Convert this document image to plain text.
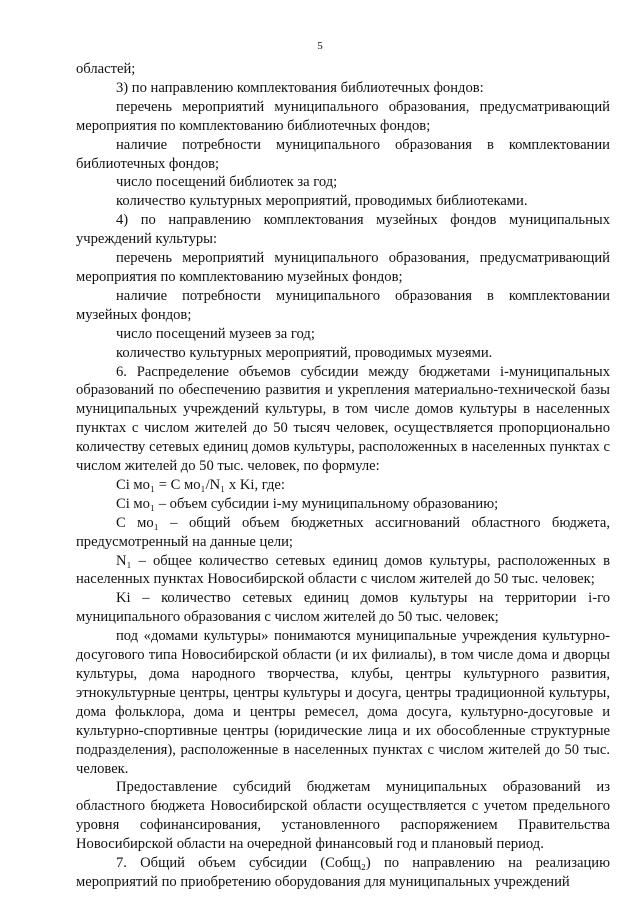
5

областей;

3) по направлению комплектования библиотечных фондов:

перечень мероприятий муниципального образования, предусматривающий мероприятия по комплектованию библиотечных фондов;

наличие потребности муниципального образования в комплектовании библиотечных фондов;

число посещений библиотек за год;

количество культурных мероприятий, проводимых библиотеками.

4) по направлению комплектования музейных фондов муниципальных учреждений культуры:

перечень мероприятий муниципального образования, предусматривающий мероприятия по комплектованию музейных фондов;

наличие потребности муниципального образования в комплектовании музейных фондов;

число посещений музеев за год;

количество культурных мероприятий, проводимых музеями.

6. Распределение объемов субсидии между бюджетами i-муниципальных образований по обеспечению развития и укрепления материально-технической базы муниципальных учреждений культуры, в том числе домов культуры в населенных пунктах с числом жителей до 50 тысяч человек, осуществляется пропорционально количеству сетевых единиц домов культуры, расположенных в населенных пунктах с числом жителей до 50 тыс. человек, по формуле:

Ci мо₁ = C мо₁/N₁ x Ki, где:

Ci мо₁ – объем субсидии i-му муниципальному образованию;

C мо₁ – общий объем бюджетных ассигнований областного бюджета, предусмотренный на данные цели;

N₁ – общее количество сетевых единиц домов культуры, расположенных в населенных пунктах Новосибирской области с числом жителей до 50 тыс. человек;

Ki – количество сетевых единиц домов культуры на территории i-го муниципального образования с числом жителей до 50 тыс. человек;

под «домами культуры» понимаются муниципальные учреждения культурно-досугового типа Новосибирской области (и их филиалы), в том числе дома и дворцы культуры, дома народного творчества, клубы, центры культурного развития, этнокультурные центры, центры культуры и досуга, центры традиционной культуры, дома фольклора, дома и центры ремесел, дома досуга, культурно-досуговые и культурно-спортивные центры (юридические лица и их обособленные структурные подразделения), расположенные в населенных пунктах с числом жителей до 50 тыс. человек.

Предоставление субсидий бюджетам муниципальных образований из областного бюджета Новосибирской области осуществляется с учетом предельного уровня софинансирования, установленного распоряжением Правительства Новосибирской области на очередной финансовый год и плановый период.

7. Общий объем субсидии (Cобщ₂) по направлению на реализацию мероприятий по приобретению оборудования для муниципальных учреждений
